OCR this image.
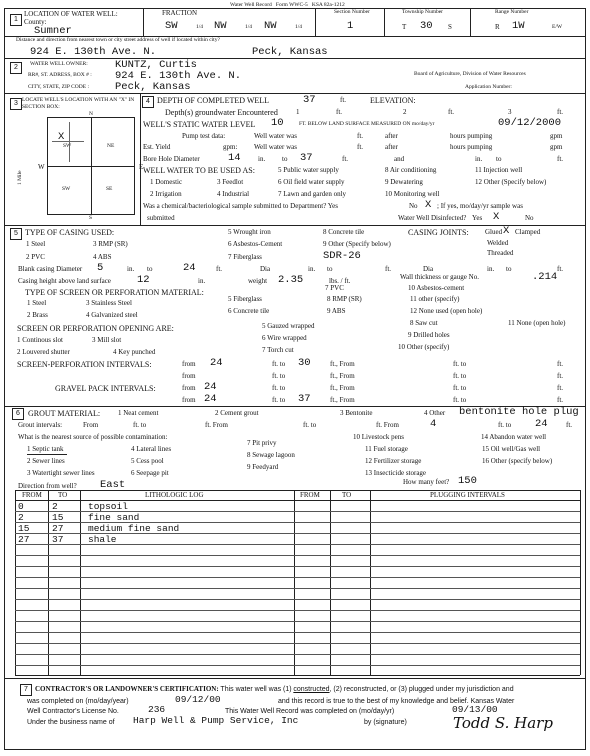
Water Well Record Form WWC-5 KSA 82a-1212
1
LOCATION OF WATER WELL:
County:
Sumner
FRACTION
SW	1/4 NW	1/4 NW	1/4
Section Number
1
Township Number
T 30 S
Range Number
R 1W	E/W
Distance and direction from nearest town or city street address of well if located within city?
924 E. 130th Ave. N.	Peck, Kansas
2	WATER WELL OWNER:	KUNTZ, Curtis
RR#, ST. ADRESS, BOX # : 924 E. 130th Ave. N.
CITY, STATE, ZIP CODE : Peck, Kansas
Board of Agriculture, Division of Water Resources
Application Number:
3 LOCATE WELL'S LOCATION WITH AN "X" IN SECTION BOX:
N
S
W	E
SW	NE
SW	SE
X
1 Mile
4 DEPTH OF COMPLETED WELL	37	ft.	ELEVATION:
Depth(s) groundwater Encountered	1	ft.	2	ft.	3	ft.
WELL'S STATIC WATER LEVEL 10	FT. BELOW LAND SURFACE MEASURED ON mo/day/yr	09/12/2000
Pump test data:	Well water was	ft.	after	hours pumping	gpm
Est. Yield	gpm: Well water was	ft.	after	hours pumping	gpm
Bore Hole Diameter	14 in. to 37	ft.	and	in. to	ft.
WELL WATER TO BE USED AS:	5 Public water supply	8 Air conditioning	11 Injection well
1 Domestic	3 Feedlot	6 Oil field water supply	9 Dewatering	12 Other (Specify below)
2 Irrigation	4 Industrial	7 Lawn and garden only	10 Monitoring well
Was a chemical/bacteriological sample submitted to Department? Yes	No X ; If yes, mo/day/yr sample was
submitted	Water Well Disinfected? Yes X	No
5 TYPE OF CASING USED:	5 Wrought iron	8 Concrete tile	CASING JOINTS: Glued X Clamped
1 Steel	3 RMP (SR)	6 Asbestos-Cement	9 Other (Specify below)	Welded
2 PVC	4 ABS	7 Fiberglass	SDR-26	Threaded
Blank casing Diameter 5	in. to	24	ft.	Dia	in. to	ft.	Dia	in. to	ft.
Casing height above land surface 12	in.	weight 2.35	lbs. / ft.	Wall thickness or gauge No.	.214
TYPE OF SCREEN OR PERFORATION MATERIAL:	7 PVC	10 Asbestos-cement
1 Steel	3 Stainless Steel	5 Fiberglass	8 RMP (SR)	11 other (specify)
2 Brass	4 Galvanized steel	6 Concrete tile	9 ABS	12 None used (open hole)
SCREEN OR PERFORATION OPENING ARE:	5 Gauzed wrapped	8 Saw cut	11 None (open hole)
1 Continous slot	3 Mill slot	6 Wire wrapped	9 Drilled holes
2 Louvered shutter	4 Key punched	7 Torch cut	10 Other (specify)
SCREEN-PERFORATION INTERVALS:	from 24	ft. to 30	ft., From	ft. to	ft.
from	ft. to	ft., From	ft. to	ft.
GRAVEL PACK INTERVALS:	from 24	ft. to	ft., From	ft. to	ft.
from 24	ft. to 37	ft., From	ft. to	ft.
6	GROUT MATERIAL:	1 Neat cement	2 Cement grout	3 Bentonite	4 Other bentonite hole plug
Grout intervals:	From	ft. to	ft. From	ft. to	ft. From	4	ft. to 24	ft.
What is the nearest source of possible contamination:
1 Septic tank	4 Lateral lines
7 Pit privy
10 Livestock pens
11 Fuel storage
14 Abandon water well
15 Oil well/Gas well
2 Sewer lines	5 Cess pool
8 Sewage lagoon
12 Fertilizer storage	16 Other (specify below)
3 Watertight sewer lines	6 Seepage pit
9 Feedyard
13 Insecticide storage
How many feet? 150
Direction from well? East
FROM TO	LITHOLOGIC LOG	FROM	TO	PLUGGING INTERVALS
0	2	topsoil
2	15	fine sand
15 27	medium fine sand
27 37	shale
7	CONTRACTOR'S OR LANDOWNER'S CERTIFICATION: This water well was (1) constructed, (2) reconstructed, or (3) plugged under my jurisdiction and
was completed on (mo/day/year)	09/12/00	and this record is true to the best of my knowledge and belief. Kansas Water
Well Contractor's License No.	236	This Water Well Record was completed on (mo/day/yr)	09/13/00
Under the business name of Harp Well & Pump Service, Inc	by (signature)	Todd S. Harp
